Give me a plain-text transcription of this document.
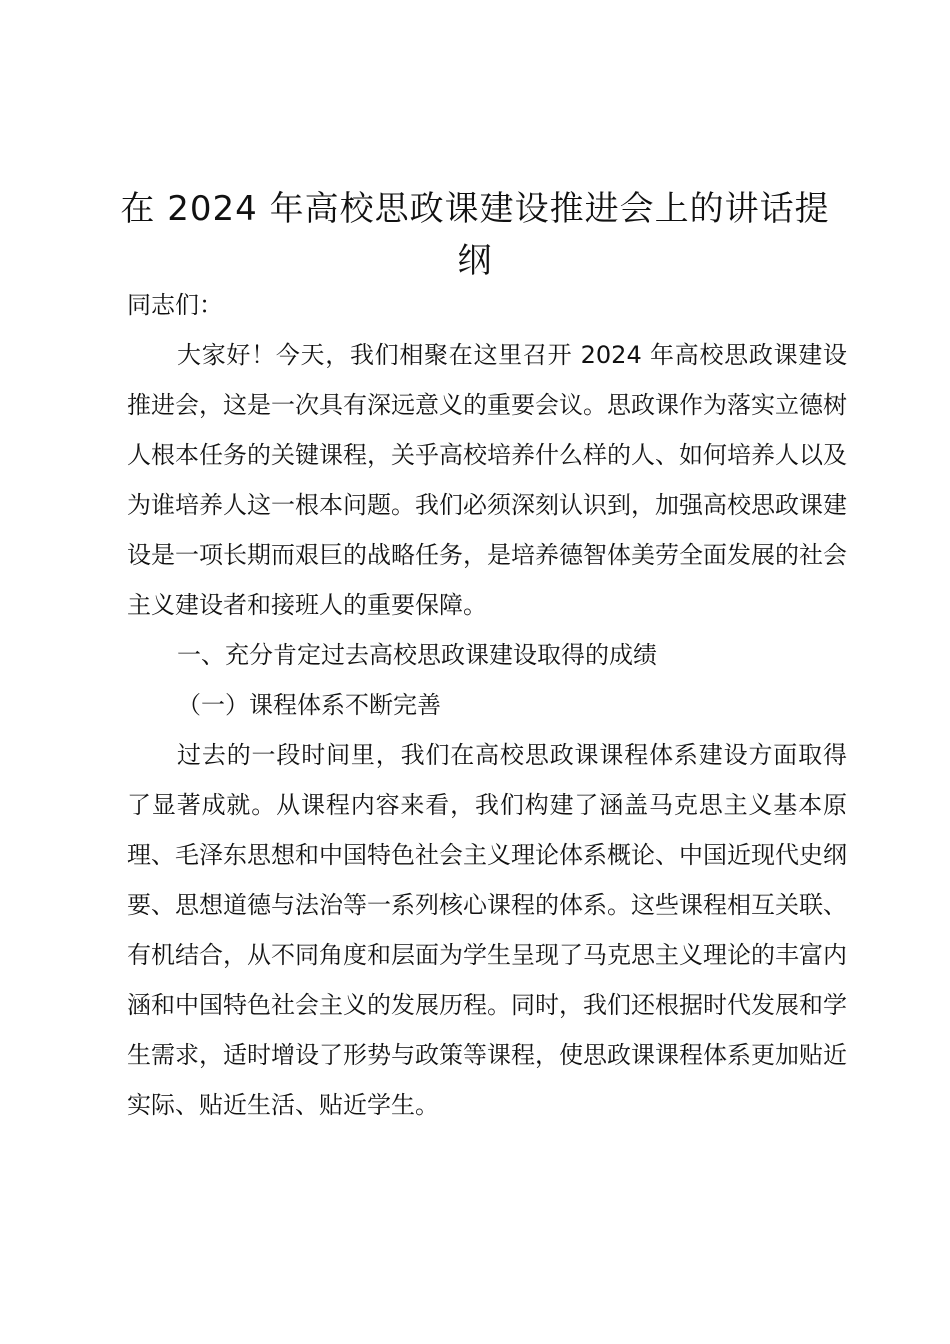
在 2024 年高校思政课建设推进会上的讲话提纲

同志们：

大家好！今天，我们相聚在这里召开 2024 年高校思政课建设推进会，这是一次具有深远意义的重要会议。思政课作为落实立德树人根本任务的关键课程，关乎高校培养什么样的人、如何培养人以及为谁培养人这一根本问题。我们必须深刻认识到，加强高校思政课建设是一项长期而艰巨的战略任务，是培养德智体美劳全面发展的社会主义建设者和接班人的重要保障。

一、充分肯定过去高校思政课建设取得的成绩

（一）课程体系不断完善

过去的一段时间里，我们在高校思政课课程体系建设方面取得了显著成就。从课程内容来看，我们构建了涵盖马克思主义基本原理、毛泽东思想和中国特色社会主义理论体系概论、中国近现代史纲要、思想道德与法治等一系列核心课程的体系。这些课程相互关联、有机结合，从不同角度和层面为学生呈现了马克思主义理论的丰富内涵和中国特色社会主义的发展历程。同时，我们还根据时代发展和学生需求，适时增设了形势与政策等课程，使思政课课程体系更加贴近实际、贴近生活、贴近学生。
